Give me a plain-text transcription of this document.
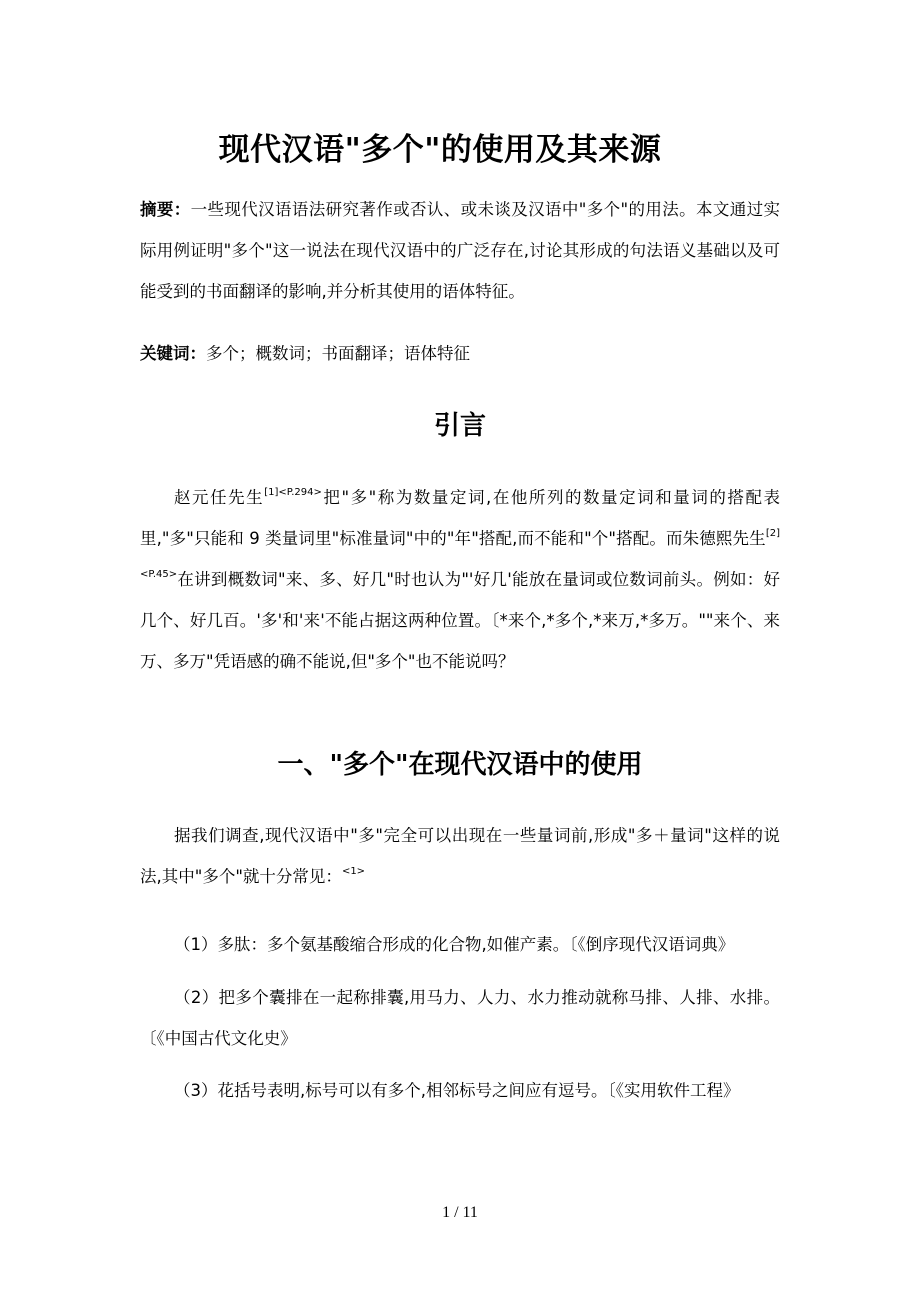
现代汉语"多个"的使用及其来源

摘要：一些现代汉语语法研究著作或否认、或未谈及汉语中"多个"的用法。本文通过实际用例证明"多个"这一说法在现代汉语中的广泛存在,讨论其形成的句法语义基础以及可能受到的书面翻译的影响,并分析其使用的语体特征。

关键词：多个；概数词；书面翻译；语体特征

引言

赵元任先生$^{[1]<P.294>}$把"多"称为数量定词,在他所列的数量定词和量词的搭配表里,"多"只能和 9 类量词里"标准量词"中的"年"搭配,而不能和"个"搭配。而朱德熙先生$^{[2]<P.45>}$在讲到概数词"来、多、好几"时也认为"'好几'能放在量词或位数词前头。例如：好几个、好几百。'多'和'来'不能占据这两种位置。〔*来个,*多个,*来万,*多万。""来个、来万、多万"凭语感的确不能说,但"多个"也不能说吗？

一、"多个"在现代汉语中的使用

据我们调查,现代汉语中"多"完全可以出现在一些量词前,形成"多＋量词"这样的说法,其中"多个"就十分常见：$^{<1>}$

（1）多肽：多个氨基酸缩合形成的化合物,如催产素。〔《倒序现代汉语词典》

（2）把多个囊排在一起称排囊,用马力、人力、水力推动就称马排、人排、水排。〔《中国古代文化史》

（3）花括号表明,标号可以有多个,相邻标号之间应有逗号。〔《实用软件工程》

1 / 11
